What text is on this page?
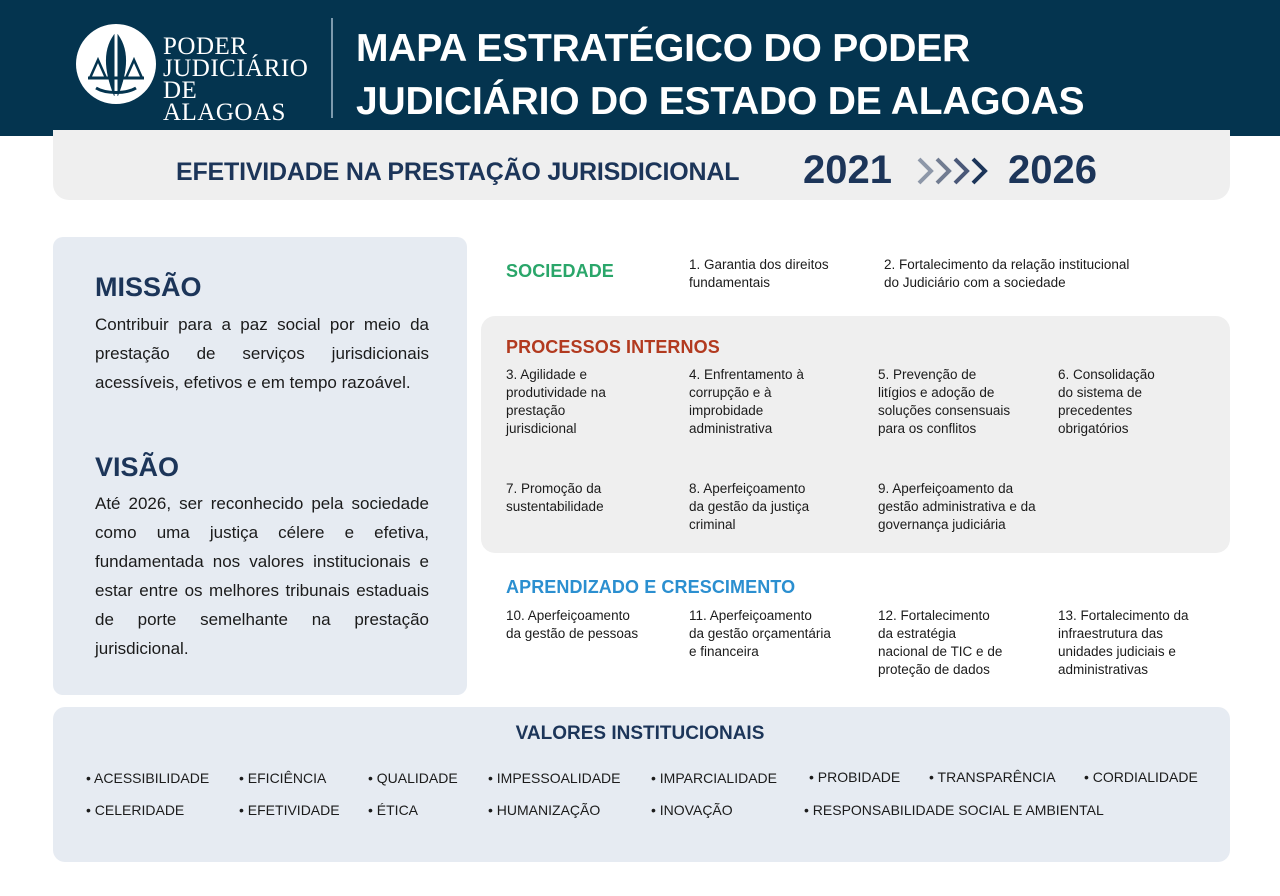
PODER
JUDICIÁRIO
DE ALAGOAS
MAPA ESTRATÉGICO DO PODER
JUDICIÁRIO DO ESTADO DE ALAGOAS
EFETIVIDADE NA PRESTAÇÃO JURISDICIONAL 2021	2026
MISSÃO
Contribuir para a paz social por meio da prestação de serviços jurisdicionais acessíveis, efetivos e em tempo razoável.
VISÃO
Até 2026, ser reconhecido pela sociedade como uma justiça célere e efetiva, fundamentada nos valores institucionais e estar entre os melhores tribunais estaduais de porte semelhante na prestação jurisdicional.
SOCIEDADE	1. Garantia dos direitos
fundamentais
2. Fortalecimento da relação institucional
do Judiciário com a sociedade
PROCESSOS INTERNOS
3. Agilidade e
produtividade na
prestação
jurisdicional
4. Enfrentamento à
corrupção e à
improbidade
administrativa
5. Prevenção de
litígios e adoção de
soluções consensuais
para os conflitos
6. Consolidação
do sistema de
precedentes
obrigatórios
7. Promoção da
sustentabilidade
8. Aperfeiçoamento
da gestão da justiça
criminal
9. Aperfeiçoamento da
gestão administrativa e da
governança judiciária
APRENDIZADO E CRESCIMENTO
10. Aperfeiçoamento
da gestão de pessoas
11. Aperfeiçoamento
da gestão orçamentária
e financeira
12. Fortalecimento
da estratégia
nacional de TIC e de
proteção de dados
13. Fortalecimento da
infraestrutura das
unidades judiciais e
administrativas
VALORES INSTITUCIONAIS
• ACESSIBILIDADE	• EFICIÊNCIA	• QUALIDADE	• IMPESSOALIDADE	• IMPARCIALIDADE	• PROBIDADE	• TRANSPARÊNCIA	• CORDIALIDADE
• CELERIDADE	• EFETIVIDADE	• ÉTICA	• HUMANIZAÇÃO	• INOVAÇÃO	• RESPONSABILIDADE SOCIAL E AMBIENTAL
